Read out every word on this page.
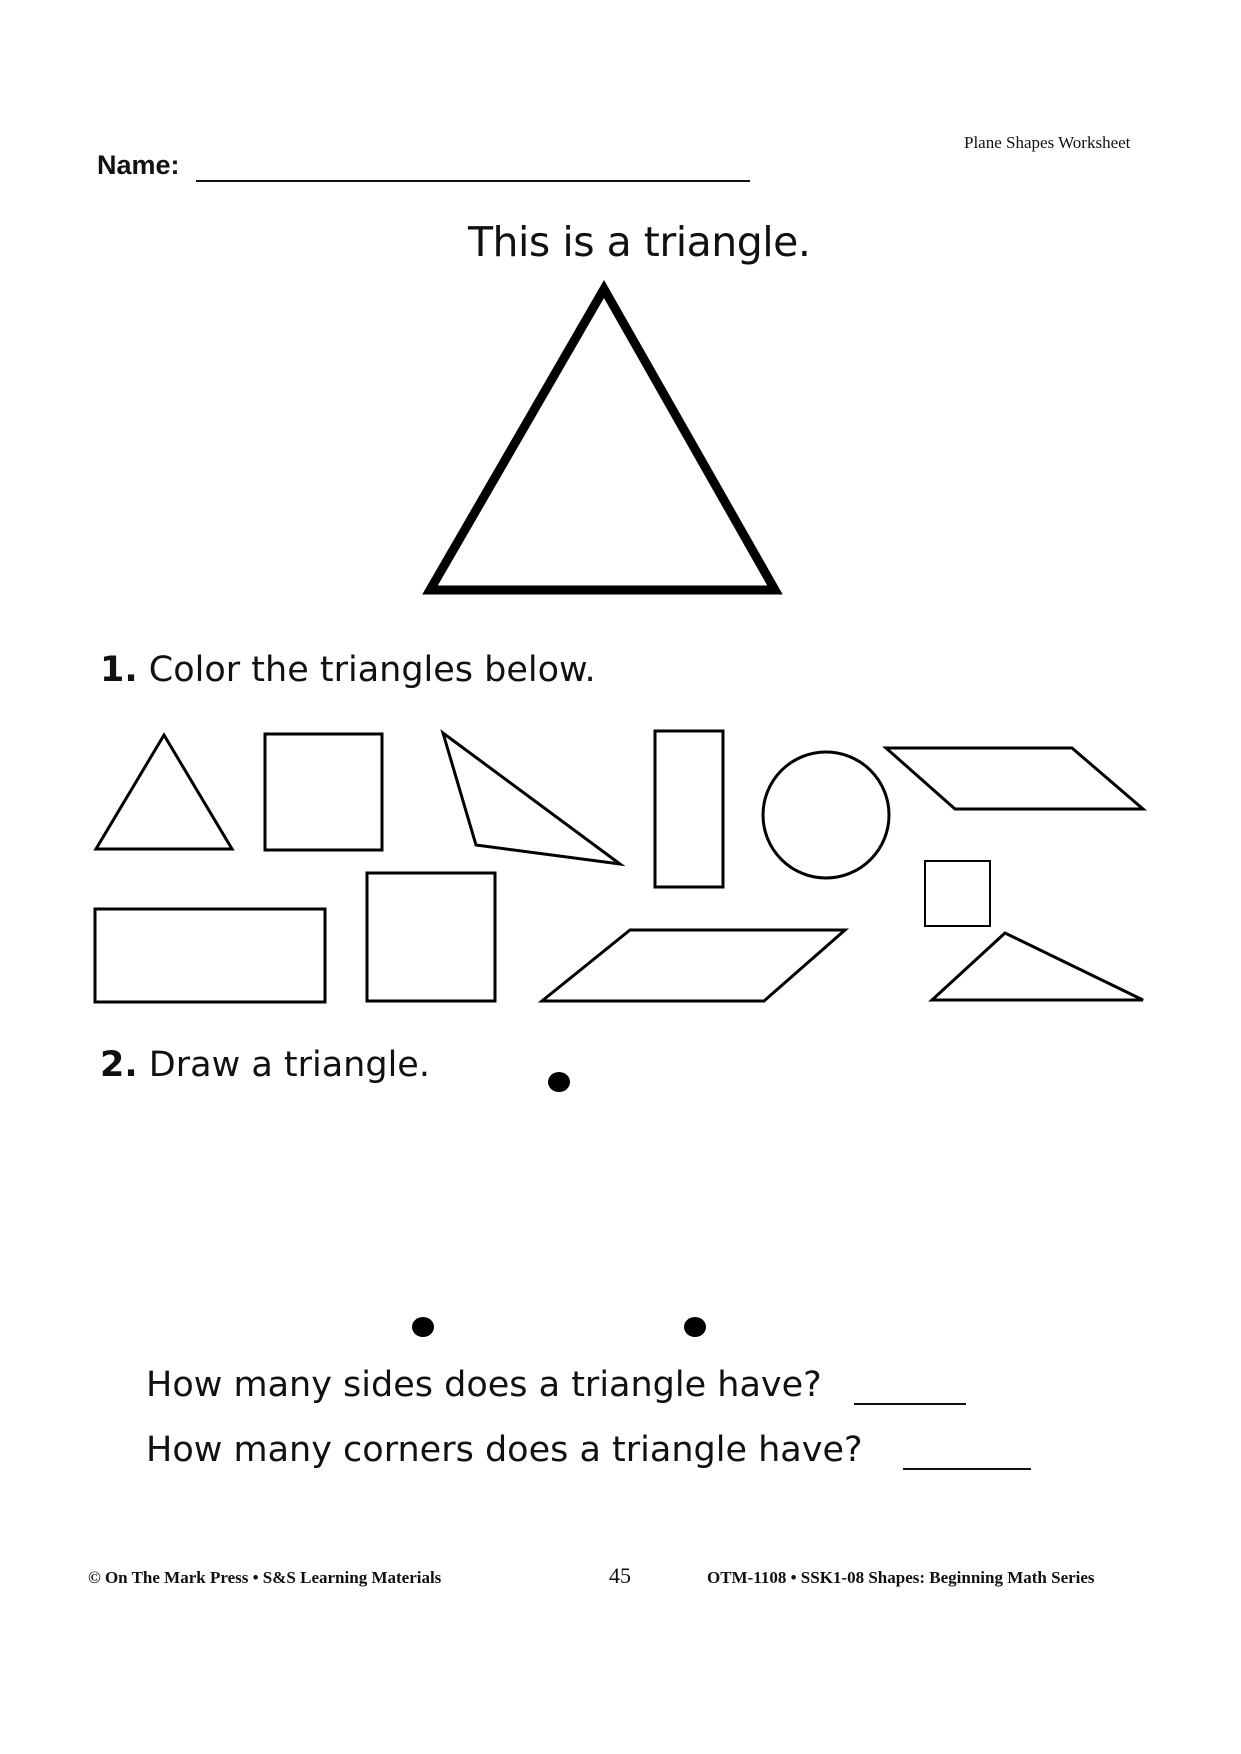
Plane Shapes Worksheet
Name:
This is a triangle.
1. Color the triangles below.
2. Draw a triangle.
How many sides does a triangle have?
How many corners does a triangle have?
© On The Mark Press • S&S Learning Materials	45	OTM-1108 • SSK1-08 Shapes: Beginning Math Series
